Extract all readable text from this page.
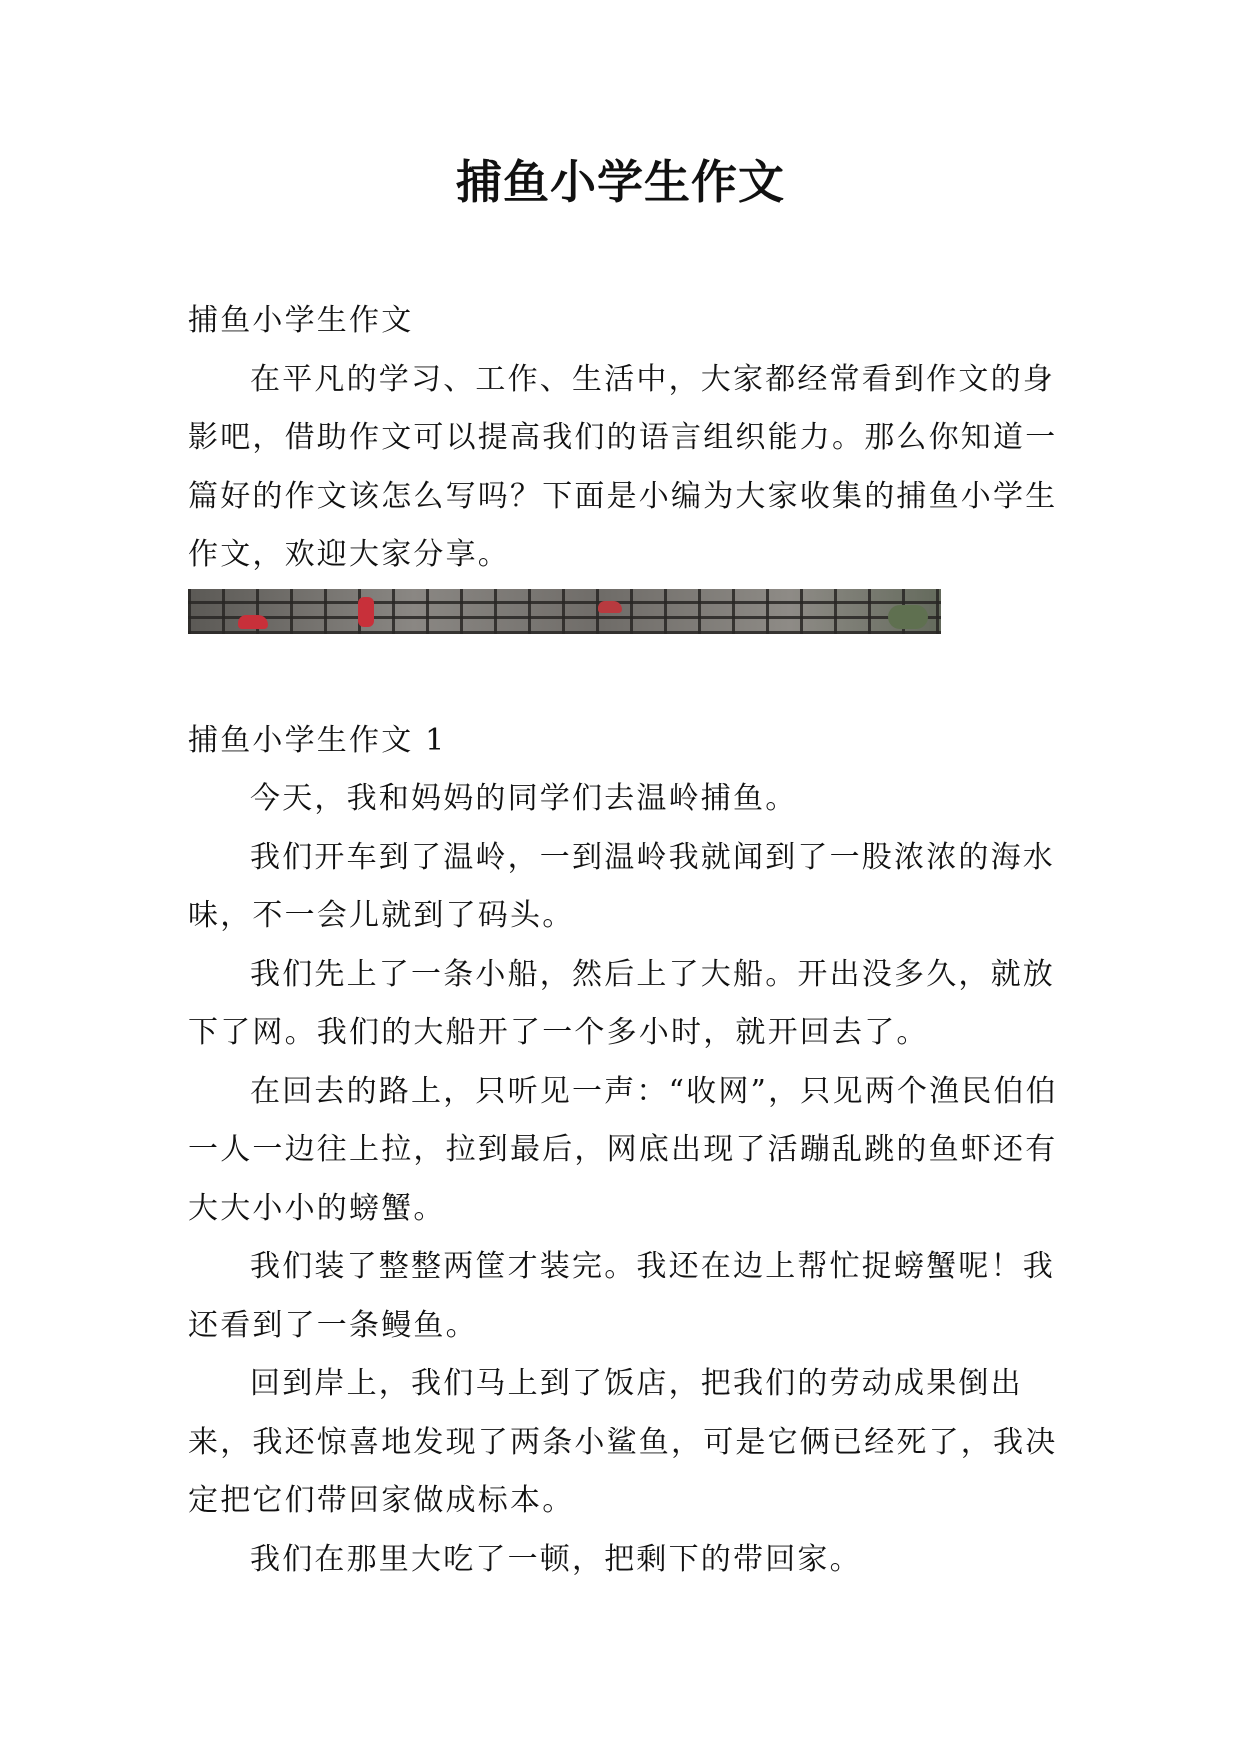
捕鱼小学生作文

捕鱼小学生作文

在平凡的学习、工作、生活中，大家都经常看到作文的身影吧，借助作文可以提高我们的语言组织能力。那么你知道一篇好的作文该怎么写吗？下面是小编为大家收集的捕鱼小学生作文，欢迎大家分享。

捕鱼小学生作文 1

今天，我和妈妈的同学们去温岭捕鱼。

我们开车到了温岭，一到温岭我就闻到了一股浓浓的海水味，不一会儿就到了码头。

我们先上了一条小船，然后上了大船。开出没多久，就放下了网。我们的大船开了一个多小时，就开回去了。

在回去的路上，只听见一声：“收网”，只见两个渔民伯伯一人一边往上拉，拉到最后，网底出现了活蹦乱跳的鱼虾还有大大小小的螃蟹。

我们装了整整两筐才装完。我还在边上帮忙捉螃蟹呢！我还看到了一条鳗鱼。

回到岸上，我们马上到了饭店，把我们的劳动成果倒出来，我还惊喜地发现了两条小鲨鱼，可是它俩已经死了，我决定把它们带回家做成标本。

我们在那里大吃了一顿，把剩下的带回家。
